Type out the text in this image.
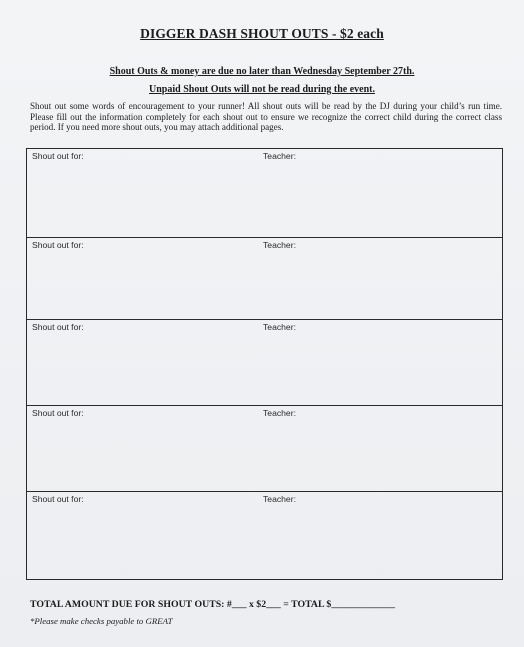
DIGGER DASH SHOUT OUTS - $2 each
Shout Outs & money are due no later than Wednesday September 27th.
Unpaid Shout Outs will not be read during the event.
Shout out some words of encouragement to your runner! All shout outs will be read by the DJ during your child’s run time. Please fill out the information completely for each shout out to ensure we recognize the correct child during the correct class period. If you need more shout outs, you may attach additional pages.
Shout out for:	Teacher:
Shout out for:	Teacher:
Shout out for:	Teacher:
Shout out for:	Teacher:
Shout out for:	Teacher:
TOTAL AMOUNT DUE FOR SHOUT OUTS: #___ x $2___ = TOTAL $_____________
*Please make checks payable to GREAT
